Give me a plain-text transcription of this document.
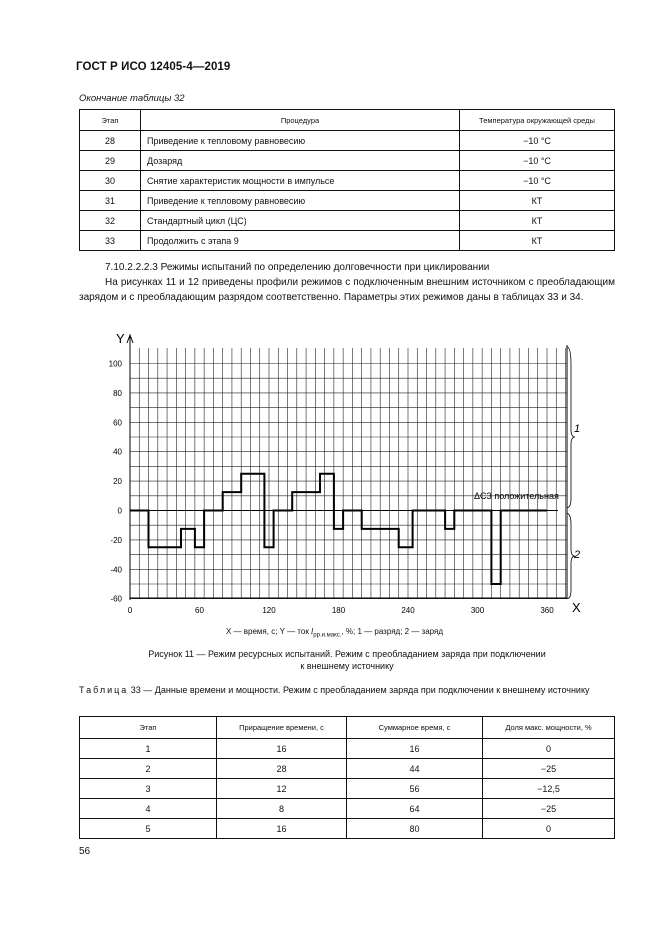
ГОСТ Р ИСО 12405-4—2019
Окончание таблицы 32
Этап	Процедура	Температура окружающей среды
28	Приведение к тепловому равновесию	−10 °С
29	Дозаряд	−10 °С
30	Снятие характеристик мощности в импульсе	−10 °С
31	Приведение к тепловому равновесию	КТ
32	Стандартный цикл (ЦС)	КТ
33	Продолжить с этапа 9	КТ
7.10.2.2.2.3 Режимы испытаний по определению долговечности при циклировании
На рисунках 11 и 12 приведены профили режимов с подключенным внешним источником с преобладающим зарядом и с преобладающим разрядом соответственно. Параметры этих режимов даны в таблицах 33 и 34.
Y
X
100
80
60
40
20
0
-20
-40
-60
0	60	120	180	240	300	360
ΔСЗ положительная
1
2
X — время, с; Y — ток $I_{рр.и.макс.}$, %; 1 — разряд; 2 — заряд
Рисунок 11 — Режим ресурсных испытаний. Режим с преобладанием заряда при подключении
к внешнему источнику
Таблица 33 — Данные времени и мощности. Режим с преобладанием заряда при подключении к внешнему источнику
Этап	Приращение времени, с	Суммарное время, с	Доля макс. мощности, %
1	16	16	0
2	28	44	−25
3	12	56	−12,5
4	8	64	−25
5	16	80	0
56
